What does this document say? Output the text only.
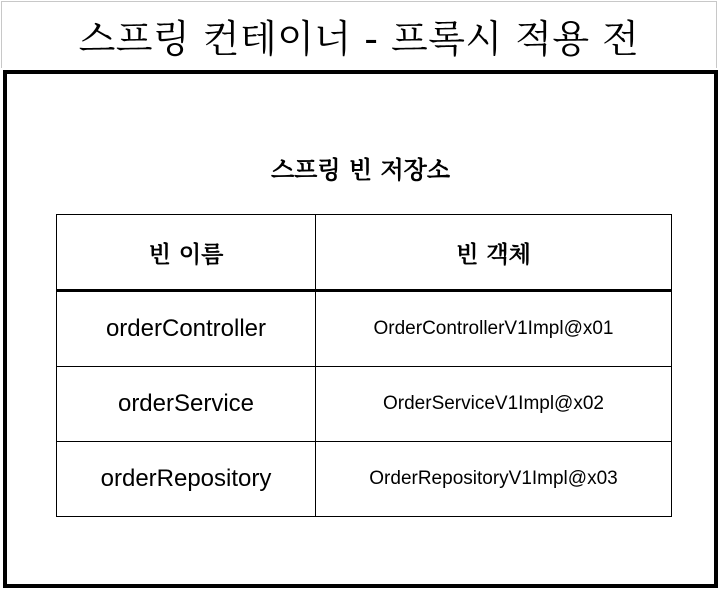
스프링 컨테이너 - 프록시 적용 전
스프링 빈 저장소
빈 이름	빈 객체
orderController	OrderControllerV1Impl@x01
orderService	OrderServiceV1Impl@x02
orderRepository	OrderRepositoryV1Impl@x03
